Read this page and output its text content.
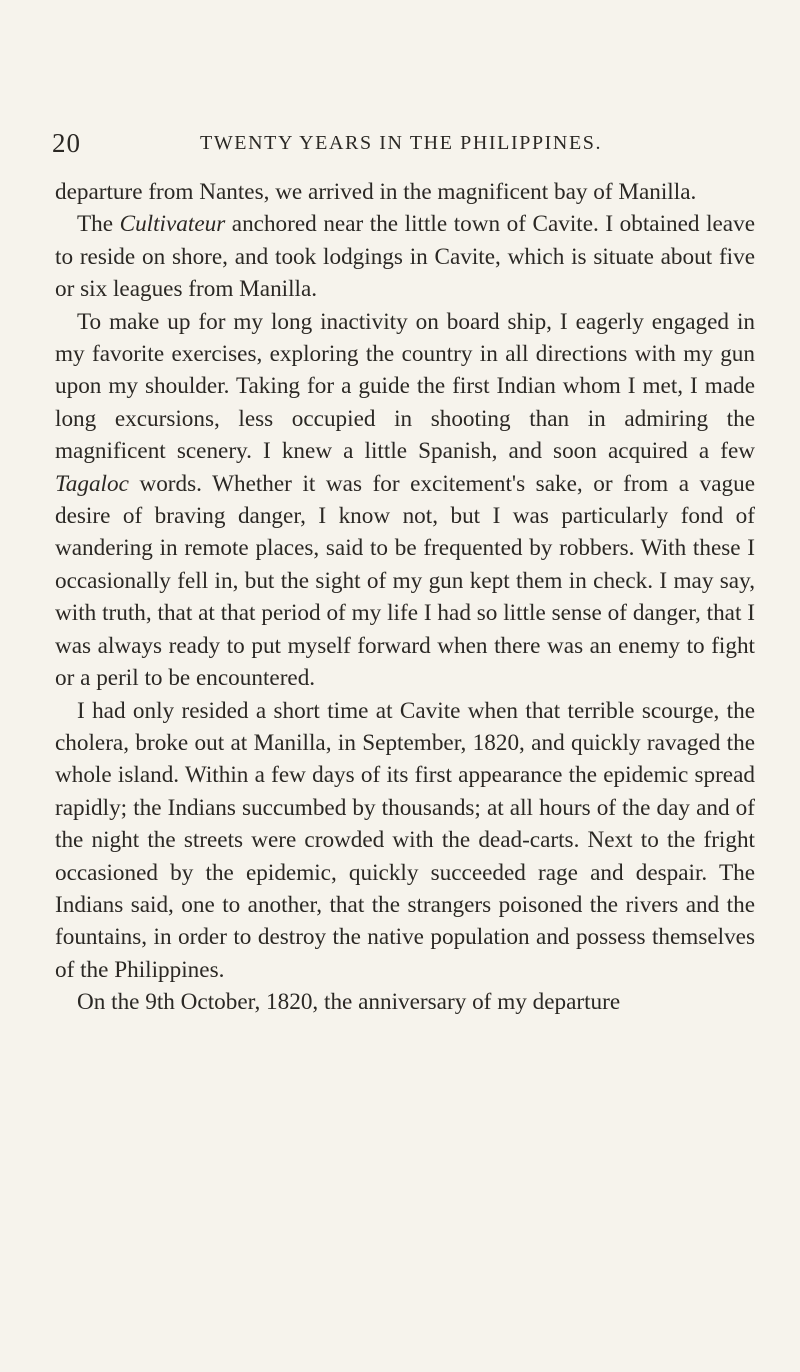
20	TWENTY YEARS IN THE PHILIPPINES.

departure from Nantes, we arrived in the magnificent bay of Manilla.

The Cultivateur anchored near the little town of Cavite. I obtained leave to reside on shore, and took lodgings in Cavite, which is situate about five or six leagues from Manilla.

To make up for my long inactivity on board ship, I eagerly engaged in my favorite exercises, exploring the country in all directions with my gun upon my shoulder. Taking for a guide the first Indian whom I met, I made long excursions, less occupied in shooting than in admiring the magnificent scenery. I knew a little Spanish, and soon acquired a few Tagaloc words. Whether it was for excitement's sake, or from a vague desire of braving danger, I know not, but I was particularly fond of wandering in remote places, said to be frequented by robbers. With these I occasionally fell in, but the sight of my gun kept them in check. I may say, with truth, that at that period of my life I had so little sense of danger, that I was always ready to put myself forward when there was an enemy to fight or a peril to be encountered.

I had only resided a short time at Cavite when that terrible scourge, the cholera, broke out at Manilla, in September, 1820, and quickly ravaged the whole island. Within a few days of its first appearance the epidemic spread rapidly; the Indians succumbed by thousands; at all hours of the day and of the night the streets were crowded with the dead-carts. Next to the fright occasioned by the epidemic, quickly succeeded rage and despair. The Indians said, one to another, that the strangers poisoned the rivers and the fountains, in order to destroy the native population and possess themselves of the Philippines.

On the 9th October, 1820, the anniversary of my departure
